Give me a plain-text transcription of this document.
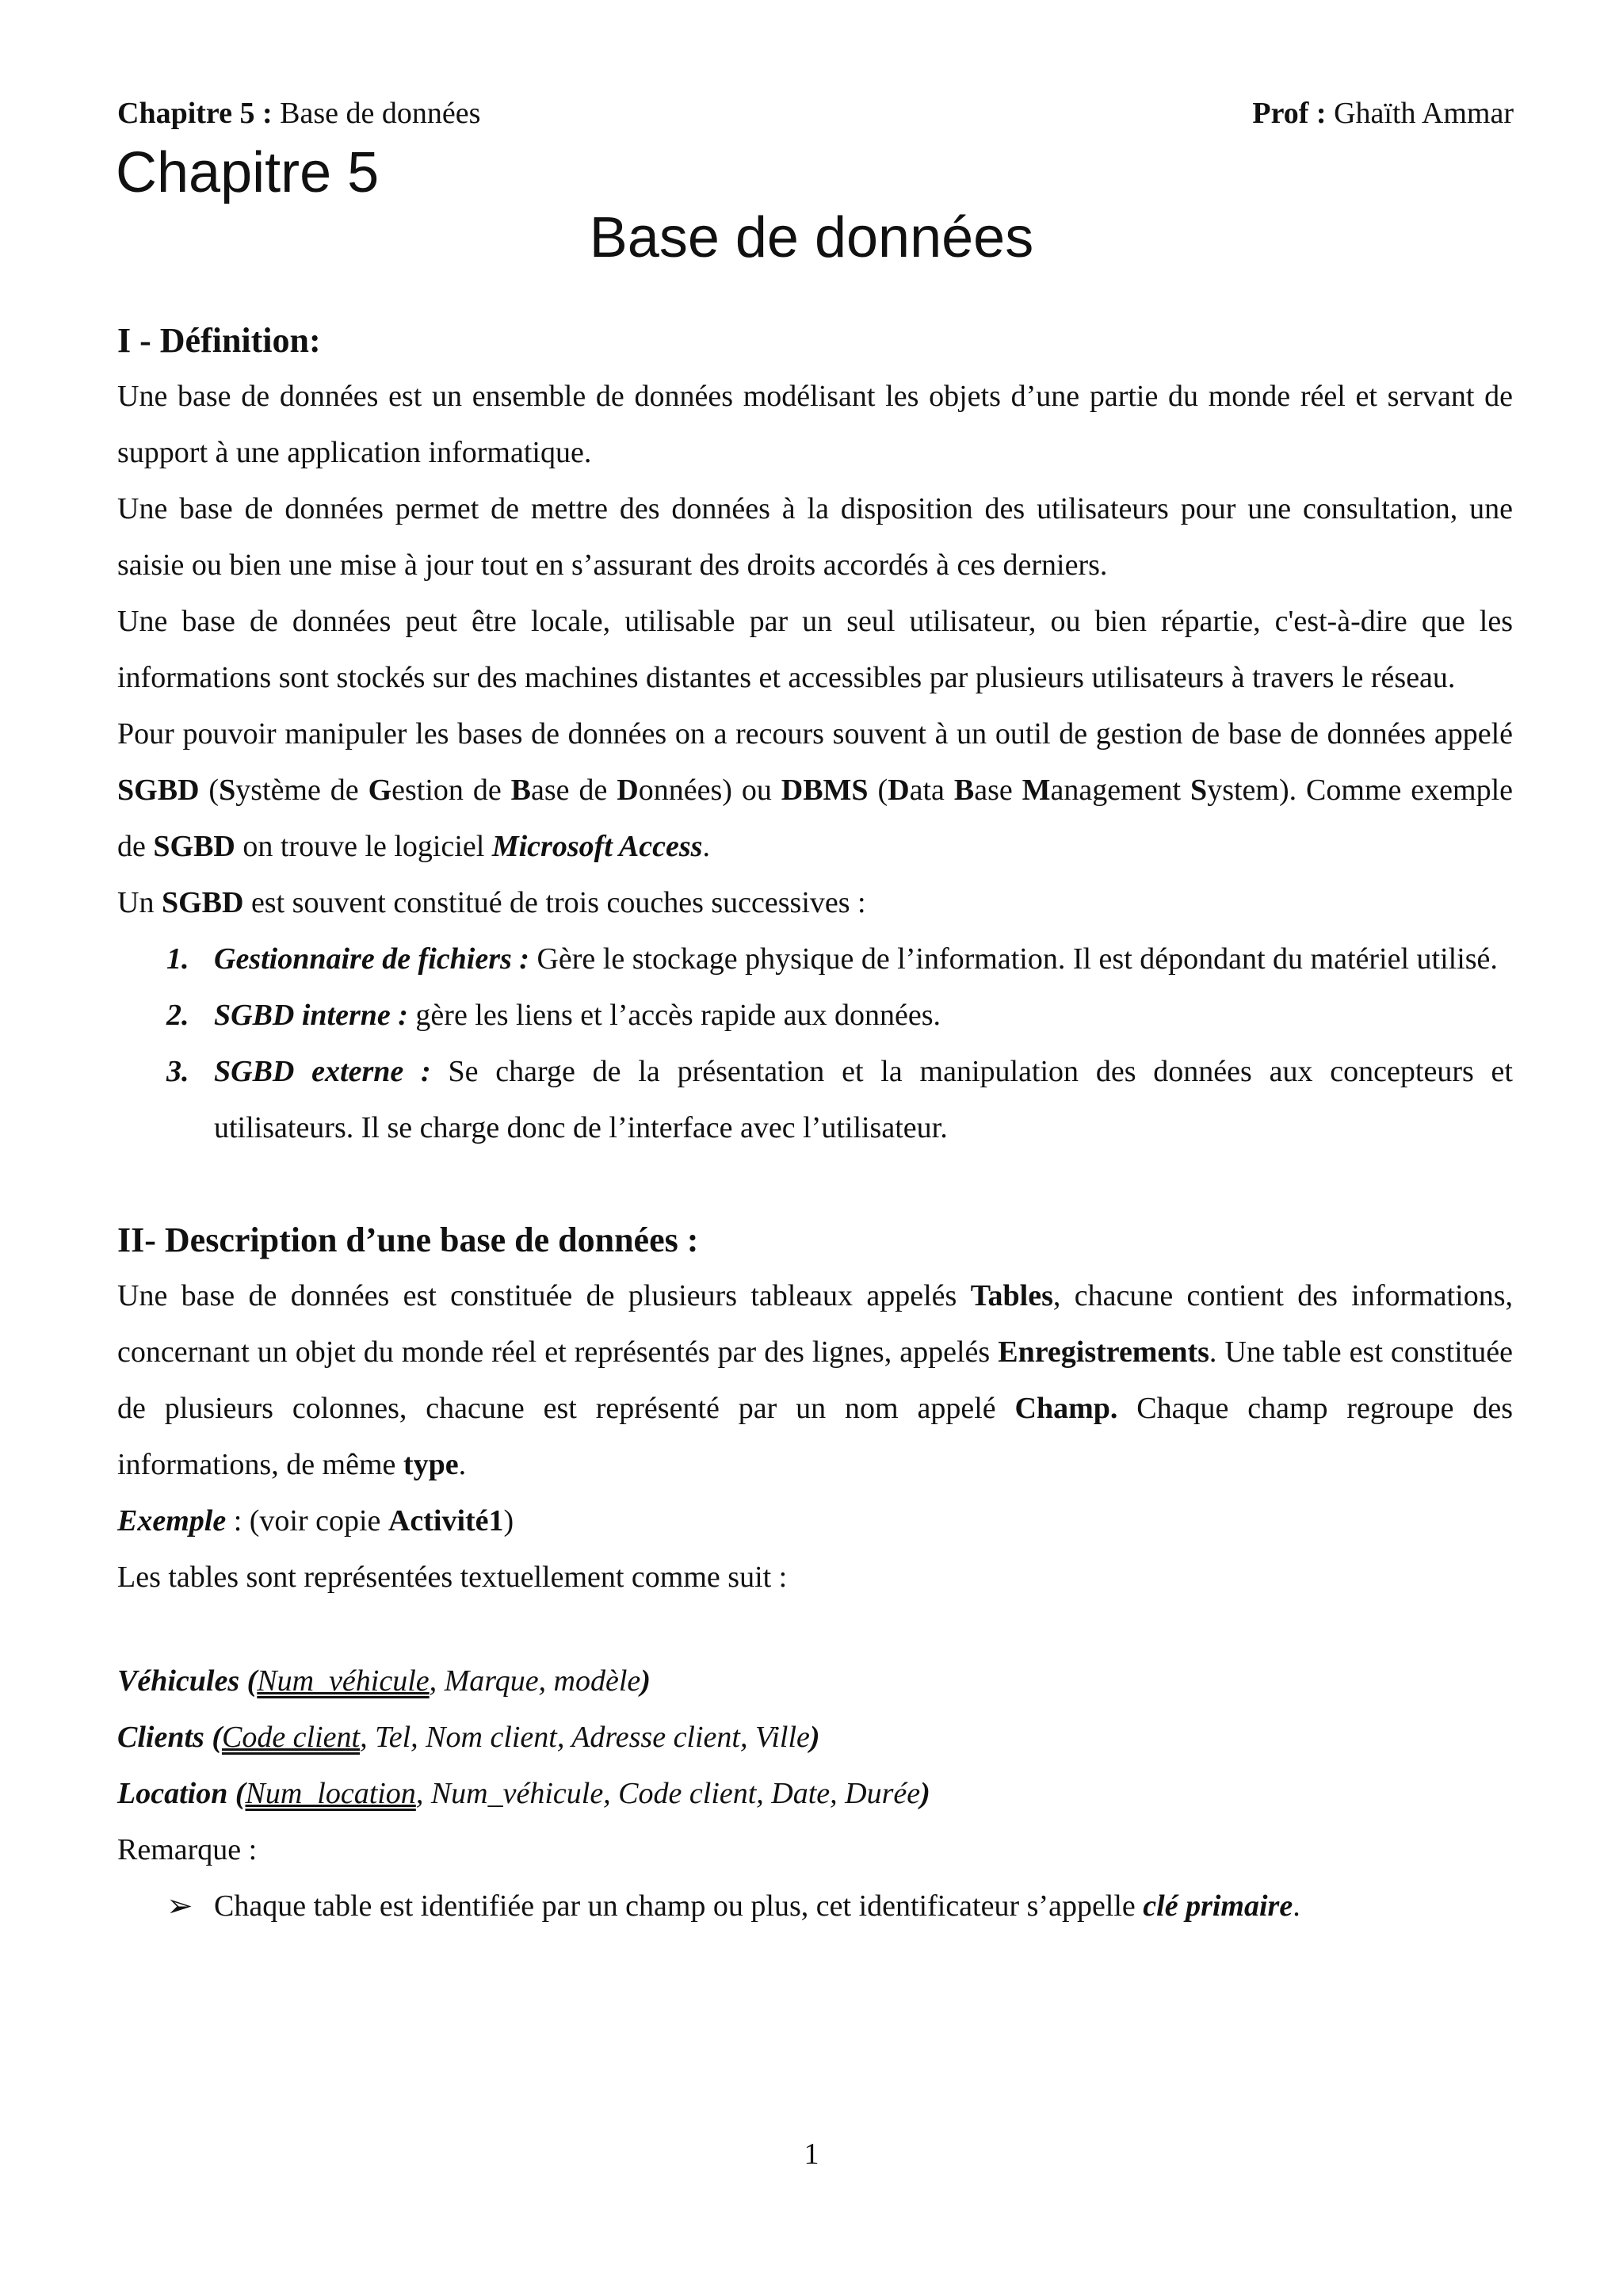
Chapitre 5 : Base de données	Prof : Ghaïth Ammar
Chapitre 5
Base de données
I - Définition:

Une base de données est un ensemble de données modélisant les objets d’une partie du monde réel et servant de support à une application informatique.

Une base de données permet de mettre des données à la disposition des utilisateurs pour une consultation, une saisie ou bien une mise à jour tout en s’assurant des droits accordés à ces derniers.

Une base de données peut être locale, utilisable par un seul utilisateur, ou bien répartie, c'est-à-dire que les informations sont stockés sur des machines distantes et accessibles par plusieurs utilisateurs à travers le réseau.

Pour pouvoir manipuler les bases de données on a recours souvent à un outil de gestion de base de données appelé SGBD (Système de Gestion de Base de Données) ou DBMS (Data Base Management System). Comme exemple de SGBD on trouve le logiciel Microsoft Access.

Un SGBD est souvent constitué de trois couches successives :

1. Gestionnaire de fichiers : Gère le stockage physique de l’information. Il est dépondant du matériel utilisé.
2. SGBD interne : gère les liens et l’accès rapide aux données.
3. SGBD externe : Se charge de la présentation et la manipulation des données aux concepteurs et utilisateurs. Il se charge donc de l’interface avec l’utilisateur.
II- Description d’une base de données :

Une base de données est constituée de plusieurs tableaux appelés Tables, chacune contient des informations, concernant un objet du monde réel et représentés par des lignes, appelés Enregistrements. Une table est constituée de plusieurs colonnes, chacune est représenté par un nom appelé Champ. Chaque champ regroupe des informations, de même type.

Exemple : (voir copie Activité1)

Les tables sont représentées textuellement comme suit :

Véhicules (Num_véhicule, Marque, modèle)

Clients (Code client, Tel, Nom client, Adresse client, Ville)

Location (Num_location, Num_véhicule, Code client, Date, Durée)

Remarque :

➢ Chaque table est identifiée par un champ ou plus, cet identificateur s’appelle clé primaire.

1
